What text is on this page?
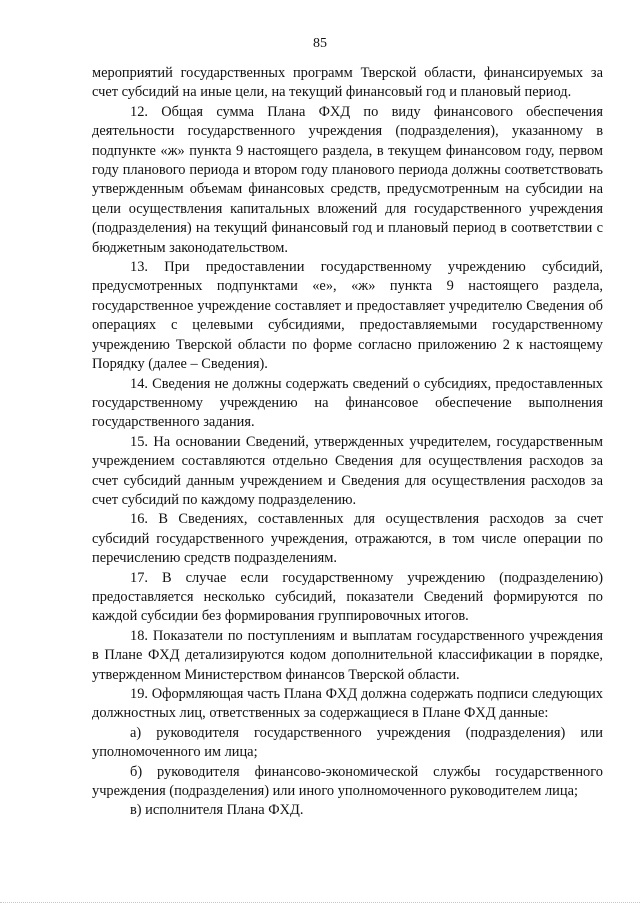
85

мероприятий государственных программ Тверской области, финансируемых за счет субсидий на иные цели, на текущий финансовый год и плановый период.

12. Общая сумма Плана ФХД по виду финансового обеспечения деятельности государственного учреждения (подразделения), указанному в подпункте «ж» пункта 9 настоящего раздела, в текущем финансовом году, первом году планового периода и втором году планового периода должны соответствовать утвержденным объемам финансовых средств, предусмотренным на субсидии на цели осуществления капитальных вложений для государственного учреждения (подразделения) на текущий финансовый год и плановый период в соответствии с бюджетным законодательством.

13. При предоставлении государственному учреждению субсидий, предусмотренных подпунктами «е», «ж» пункта 9 настоящего раздела, государственное учреждение составляет и предоставляет учредителю Сведения об операциях с целевыми субсидиями, предоставляемыми государственному учреждению Тверской области по форме согласно приложению 2 к настоящему Порядку (далее – Сведения).

14. Сведения не должны содержать сведений о субсидиях, предоставленных государственному учреждению на финансовое обеспечение выполнения государственного задания.

15. На основании Сведений, утвержденных учредителем, государственным учреждением составляются отдельно Сведения для осуществления расходов за счет субсидий данным учреждением и Сведения для осуществления расходов за счет субсидий по каждому подразделению.

16. В Сведениях, составленных для осуществления расходов за счет субсидий государственного учреждения, отражаются, в том числе операции по перечислению средств подразделениям.

17. В случае если государственному учреждению (подразделению) предоставляется несколько субсидий, показатели Сведений формируются по каждой субсидии без формирования группировочных итогов.

18. Показатели по поступлениям и выплатам государственного учреждения в Плане ФХД детализируются кодом дополнительной классификации в порядке, утвержденном Министерством финансов Тверской области.

19. Оформляющая часть Плана ФХД должна содержать подписи следующих должностных лиц, ответственных за содержащиеся в Плане ФХД данные:

а) руководителя государственного учреждения (подразделения) или уполномоченного им лица;

б) руководителя финансово-экономической службы государственного учреждения (подразделения) или иного уполномоченного руководителем лица;

в) исполнителя Плана ФХД.
